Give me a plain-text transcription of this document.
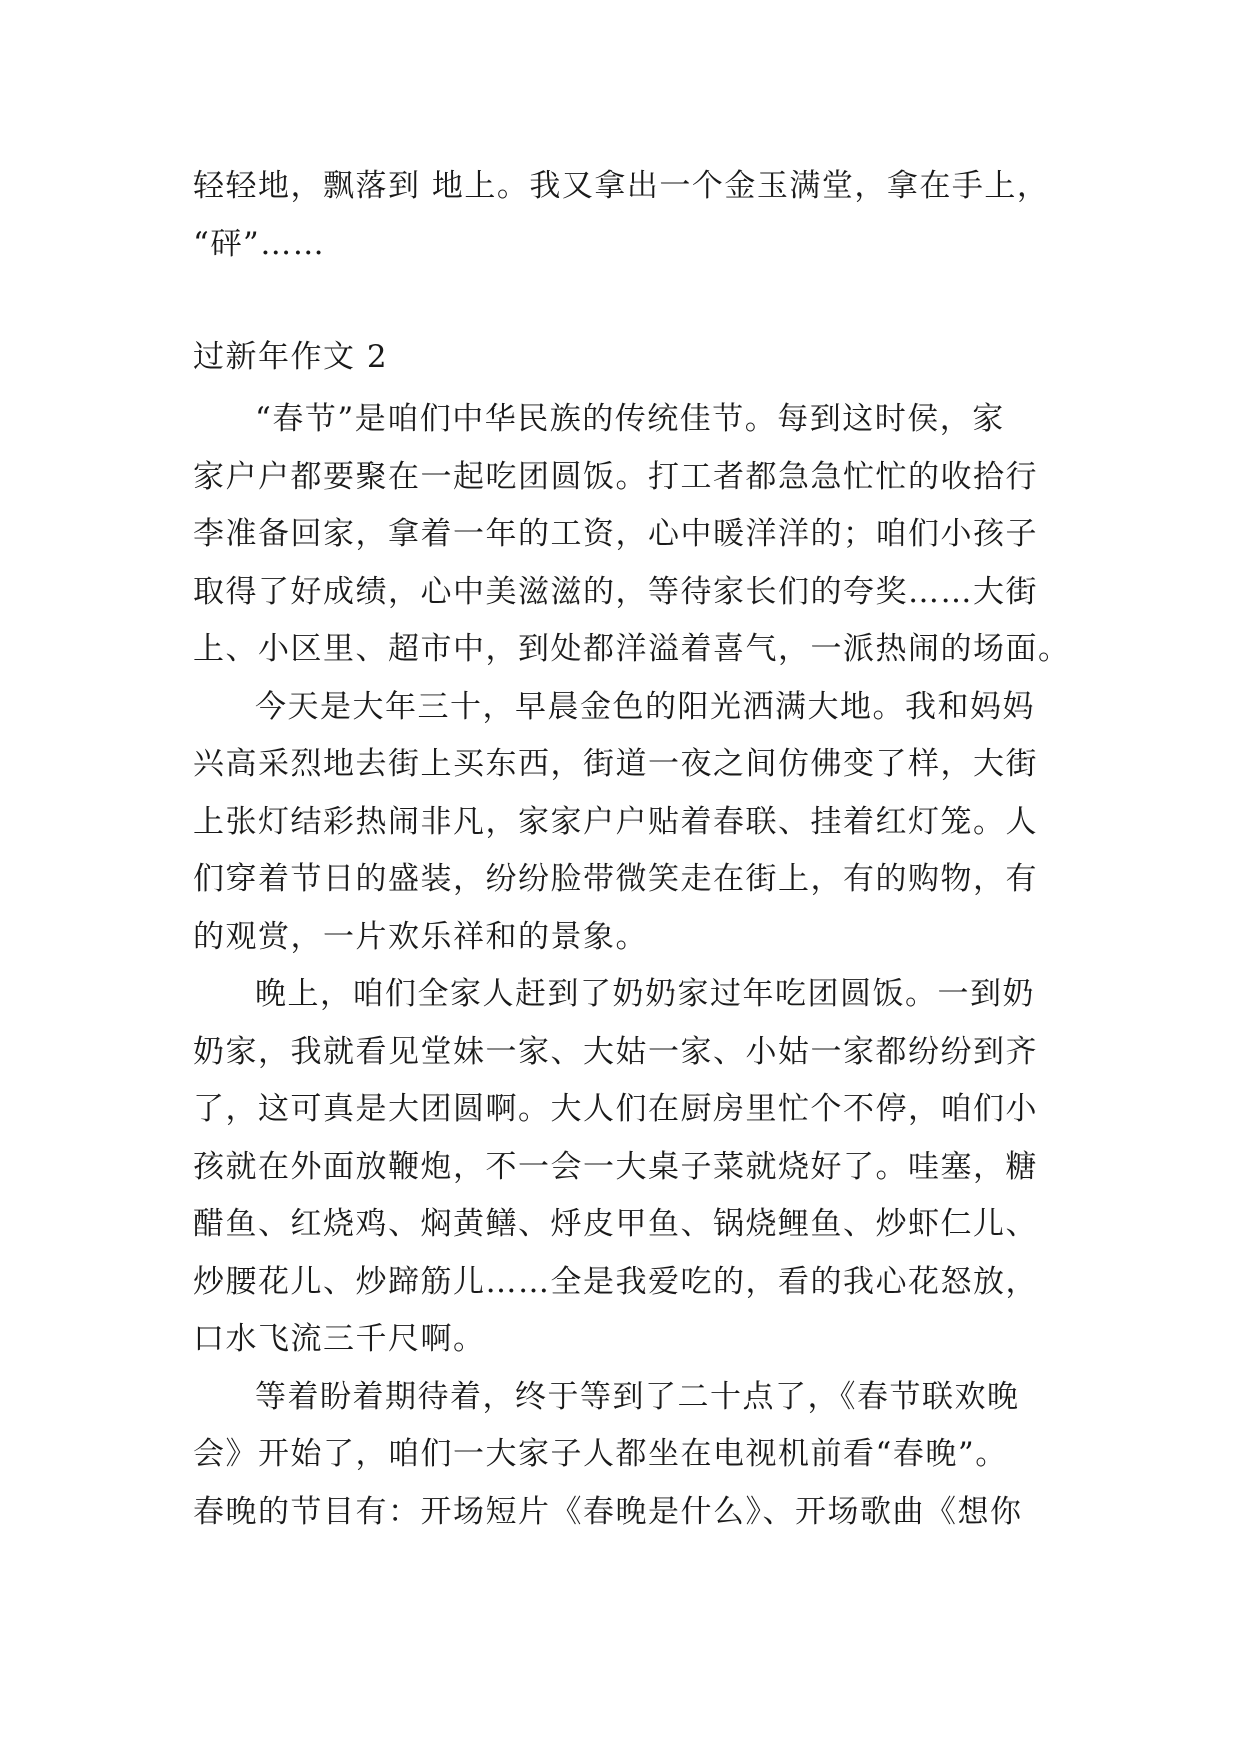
轻轻地，飘落到 地上。我又拿出一个金玉满堂，拿在手上，
“砰”……
过新年作文 2
“春节”是咱们中华民族的传统佳节。每到这时侯，家
家户户都要聚在一起吃团圆饭。打工者都急急忙忙的收拾行
李准备回家，拿着一年的工资，心中暖洋洋的；咱们小孩子
取得了好成绩，心中美滋滋的，等待家长们的夸奖……大街
上、小区里、超市中，到处都洋溢着喜气，一派热闹的场面。
今天是大年三十，早晨金色的阳光洒满大地。我和妈妈
兴高采烈地去街上买东西，街道一夜之间仿佛变了样，大街
上张灯结彩热闹非凡，家家户户贴着春联、挂着红灯笼。人
们穿着节日的盛装，纷纷脸带微笑走在街上，有的购物，有
的观赏，一片欢乐祥和的景象。
晚上，咱们全家人赶到了奶奶家过年吃团圆饭。一到奶
奶家，我就看见堂妹一家、大姑一家、小姑一家都纷纷到齐
了，这可真是大团圆啊。大人们在厨房里忙个不停，咱们小
孩就在外面放鞭炮，不一会一大桌子菜就烧好了。哇塞，糖
醋鱼、红烧鸡、焖黄鳝、烀皮甲鱼、锅烧鲤鱼、炒虾仁儿、
炒腰花儿、炒蹄筋儿……全是我爱吃的，看的我心花怒放，
口水飞流三千尺啊。
等着盼着期待着，终于等到了二十点了，《春节联欢晚
会》开始了，咱们一大家子人都坐在电视机前看“春晚”。
春晚的节目有：开场短片《春晚是什么》、开场歌曲《想你
